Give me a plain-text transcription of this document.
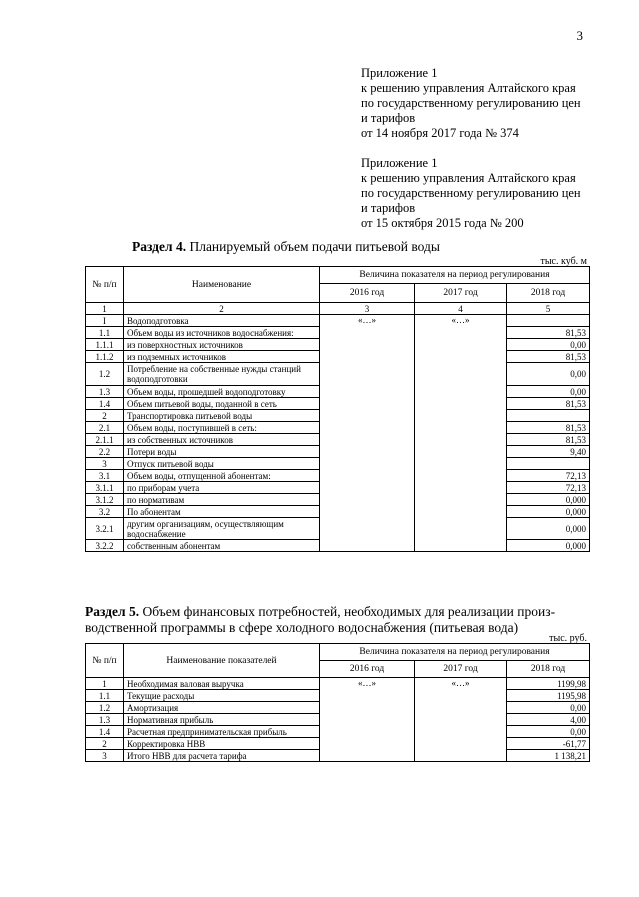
3
Приложение 1
к решению управления Алтайского края
по государственному регулированию цен
и тарифов
от 14 ноября 2017 года № 374
Приложение 1
к решению управления Алтайского края
по государственному регулированию цен
и тарифов
от 15 октября 2015 года № 200
Раздел 4. Планируемый объем подачи питьевой воды
тыс. куб. м
№ п/п	Наименование	Величина показателя на период регулирования		
		2016 год	2017 год	2018 год
1	2	3	4	5
I	Водоподготовка	«…»	«…»	
1.1	Объем воды из источников водоснабжения:			81,53
1.1.1	из поверхностных источников			0,00
1.1.2	из подземных источников			81,53
1.2	Потребление на собственные нужды станций водоподготовки			0,00
1.3	Объем воды, прошедшей водоподготовку			0,00
1.4	Объем питьевой воды, поданной в сеть			81,53
2	Транспортировка питьевой воды			
2.1	Объем воды, поступившей в сеть:			81,53
2.1.1	из собственных источников			81,53
2.2	Потери воды			9,40
3	Отпуск питьевой воды			
3.1	Объем воды, отпущенной абонентам:			72,13
3.1.1	по приборам учета			72,13
3.1.2	по нормативам			0,000
3.2	По абонентам			0,000
3.2.1	другим организациям, осуществляющим водоснабжение			0,000
3.2.2	собственным абонентам			0,000
Раздел 5. Объем финансовых потребностей, необходимых для реализации произ-
водственной программы в сфере холодного водоснабжения (питьевая вода)
тыс. руб.
№ п/п	Наименование показателей	Величина показателя на период регулирования		
		2016 год	2017 год	2018 год
1	Необходимая валовая выручка	«…»	«…»	1199,98
1.1	Текущие расходы			1195,98
1.2	Амортизация			0,00
1.3	Нормативная прибыль			4,00
1.4	Расчетная предпринимательская прибыль			0,00
2	Корректировка НВВ			-61,77
3	Итого НВВ для расчета тарифа			1 138,21
